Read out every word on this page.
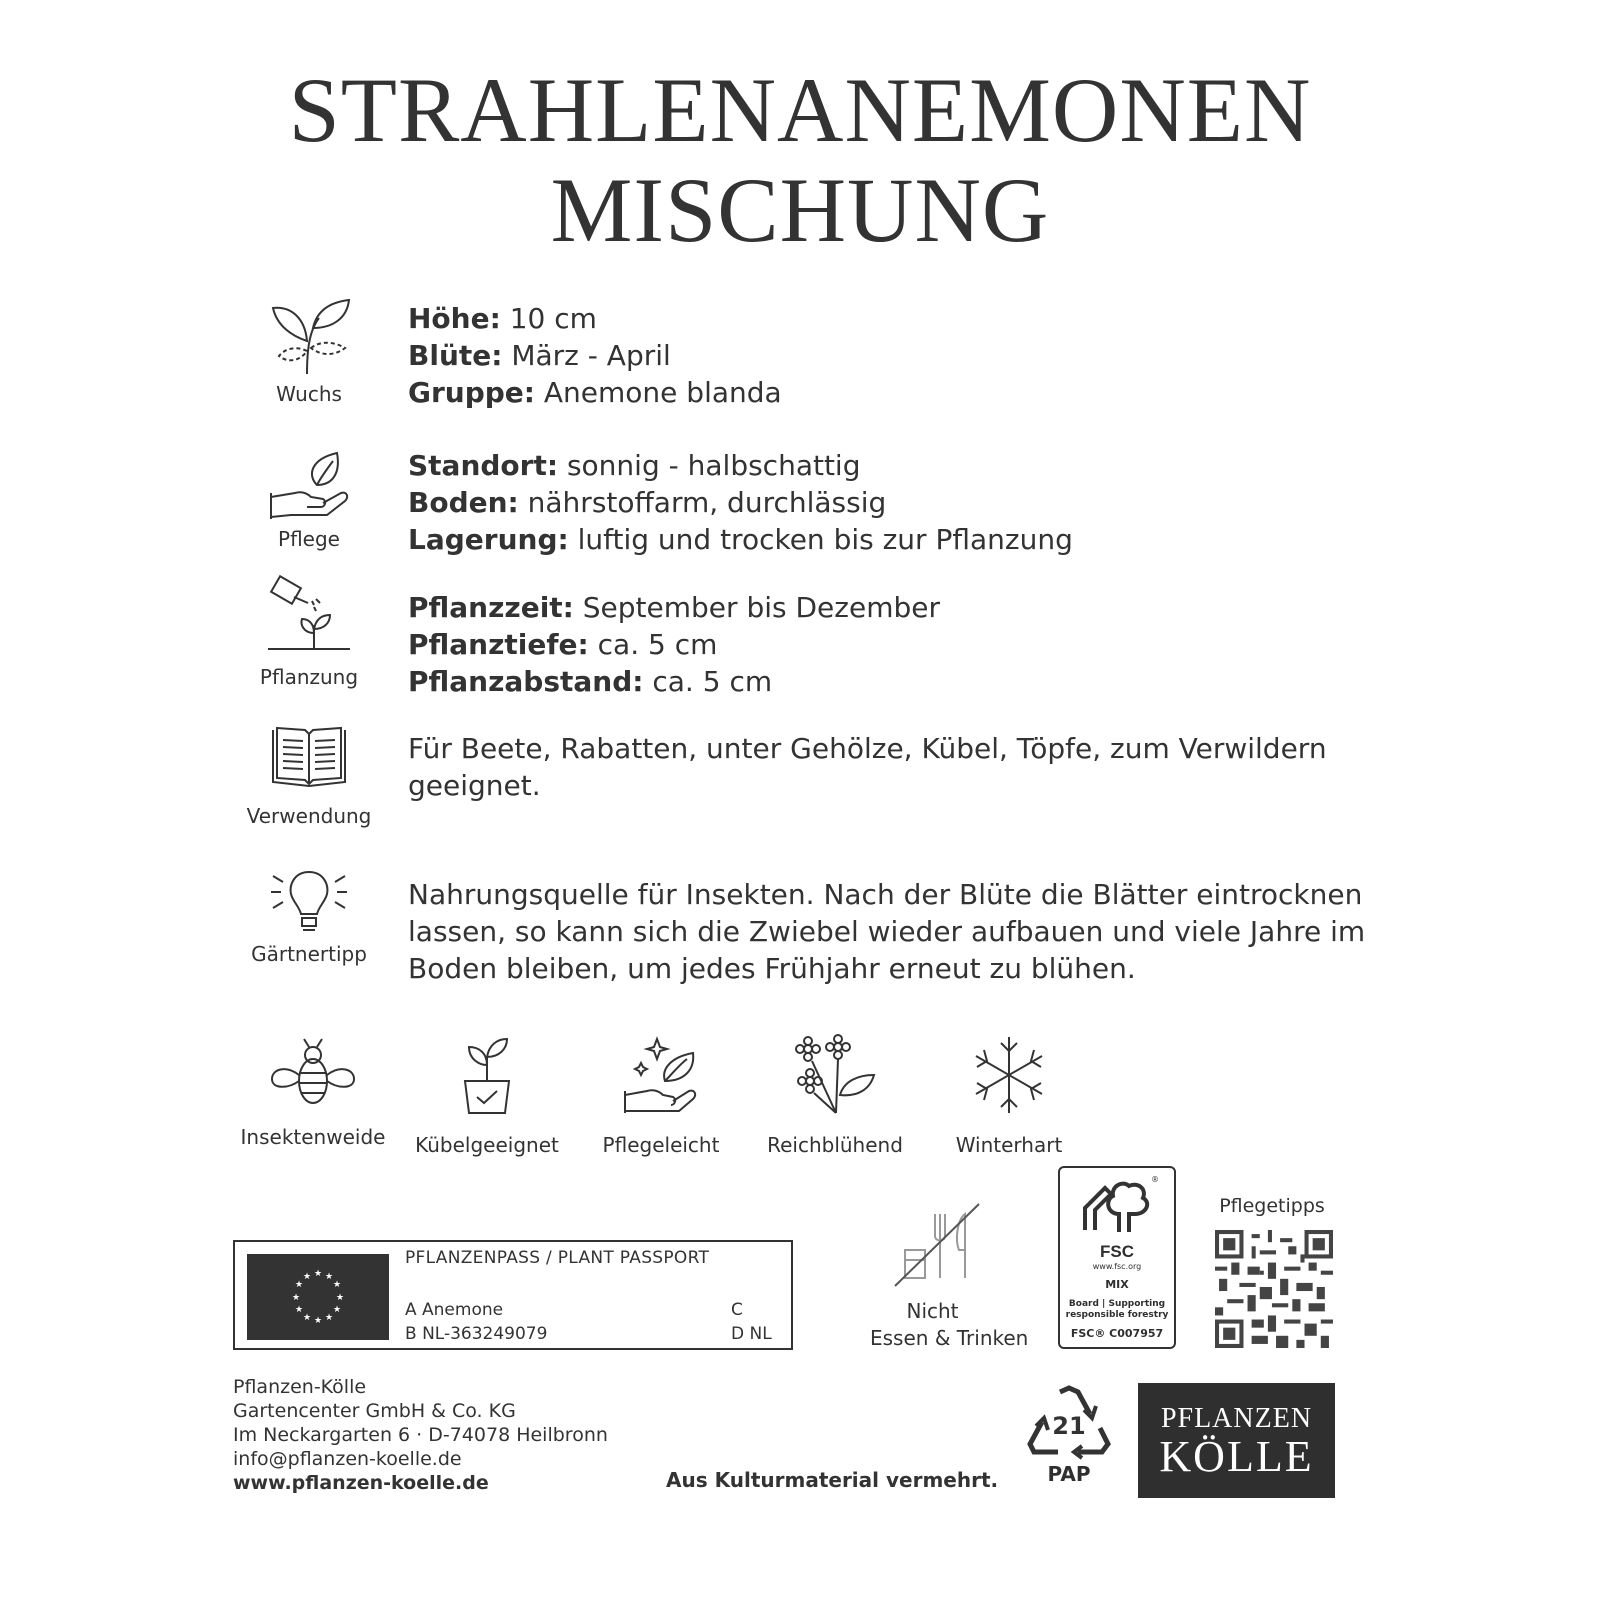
STRAHLENANEMONEN
MISCHUNG
Wuchs
Höhe: 10 cm
Blüte: März - April
Gruppe: Anemone blanda
Pflege
Standort: sonnig - halbschattig
Boden: nährstoffarm, durchlässig
Lagerung: luftig und trocken bis zur Pflanzung
Pflanzung
Pflanzzeit: September bis Dezember
Pflanztiefe: ca. 5 cm
Pflanzabstand: ca. 5 cm
Verwendung
Für Beete, Rabatten, unter Gehölze, Kübel, Töpfe, zum Verwildern geeignet.
Gärtnertipp
Nahrungsquelle für Insekten. Nach der Blüte die Blätter eintrocknen lassen, so kann sich die Zwiebel wieder aufbauen und viele Jahre im Boden bleiben, um jedes Frühjahr erneut zu blühen.
Insektenweide	Kübelgeeignet	Pflegeleicht	Reichblühend	Winterhart
★ ★
★
★
★
★
★
★
★
★
★
★
PFLANZENPASS / PLANT PASSPORT
A Anemone
B NL-363249079
C
D NL
Nicht
Essen & Trinken
®
FSC
www.fsc.org
MIX
Board | Supporting
responsible forestry
FSC® C007957
Pflegetipps
Pflanzen-Kölle
Gartencenter GmbH & Co. KG
Im Neckargarten 6 · D-74078 Heilbronn
info@pflanzen-koelle.de
www.pflanzen-koelle.de	Aus Kulturmaterial vermehrt.
21
PAP
PFLANZEN
KÖLLE
